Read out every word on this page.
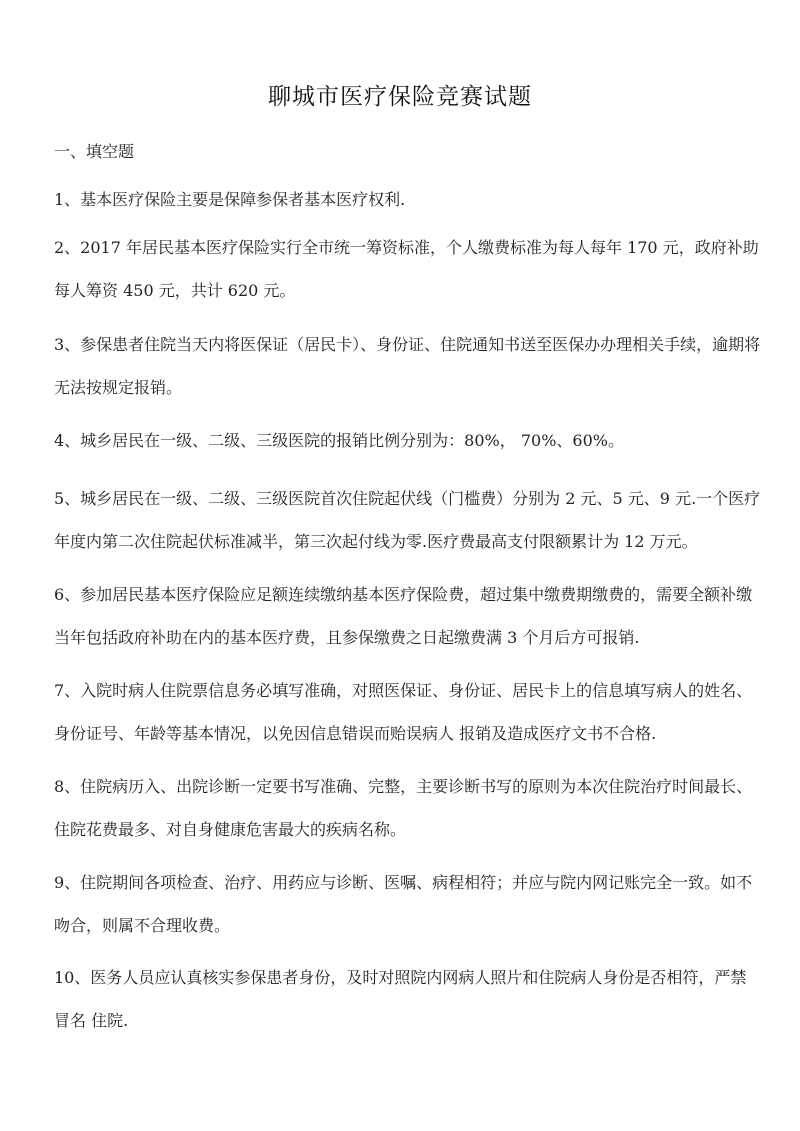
聊城市医疗保险竞赛试题
一、填空题

1、基本医疗保险主要是保障参保者基本医疗权利.

2、2017 年居民基本医疗保险实行全市统一筹资标准，个人缴费标准为每人每年 170 元，政府补助每人筹资 450 元，共计 620 元。

3、参保患者住院当天内将医保证（居民卡）、身份证、住院通知书送至医保办办理相关手续，逾期将无法按规定报销。

4、城乡居民在一级、二级、三级医院的报销比例分别为：80%， 70%、60%。

5、城乡居民在一级、二级、三级医院首次住院起伏线（门槛费）分别为 2 元、5 元、9 元.一个医疗年度内第二次住院起伏标准减半，第三次起付线为零.医疗费最高支付限额累计为 12 万元。

6、参加居民基本医疗保险应足额连续缴纳基本医疗保险费，超过集中缴费期缴费的，需要全额补缴当年包括政府补助在内的基本医疗费，且参保缴费之日起缴费满 3 个月后方可报销.

7、入院时病人住院票信息务必填写准确，对照医保证、身份证、居民卡上的信息填写病人的姓名、身份证号、年龄等基本情况，以免因信息错误而贻误病人 报销及造成医疗文书不合格.

8、住院病历入、出院诊断一定要书写准确、完整，主要诊断书写的原则为本次住院治疗时间最长、住院花费最多、对自身健康危害最大的疾病名称。

9、住院期间各项检查、治疗、用药应与诊断、医嘱、病程相符；并应与院内网记账完全一致。如不吻合，则属不合理收费。

10、医务人员应认真核实参保患者身份，及时对照院内网病人照片和住院病人身份是否相符，严禁冒名 住院.
